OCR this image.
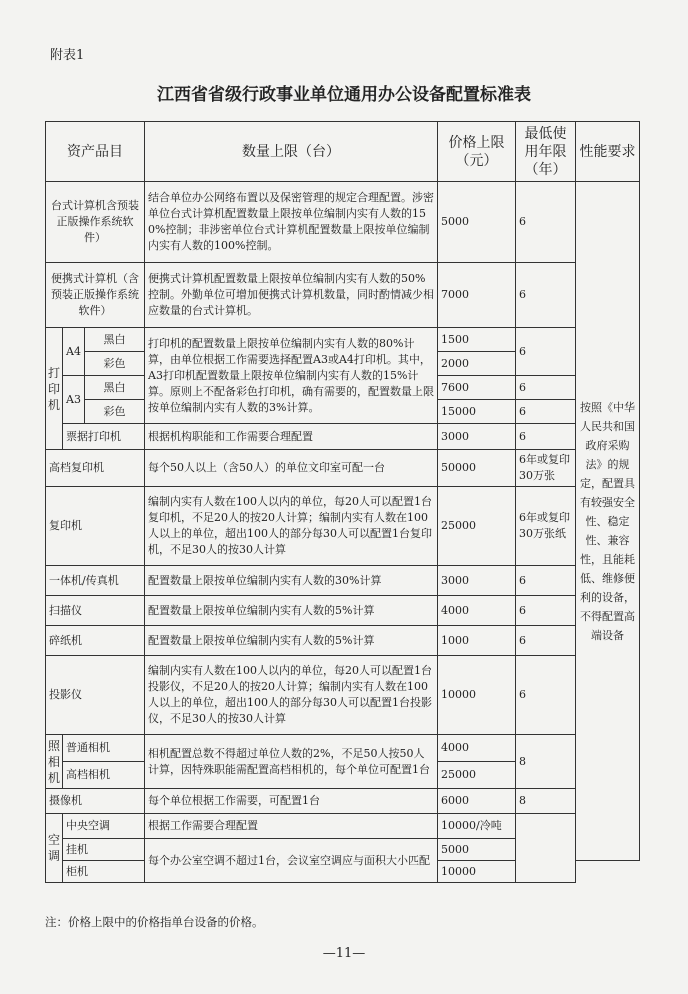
附表1
江西省省级行政事业单位通用办公设备配置标准表
资产品目			数量上限（台）	价格上限（元）	最低使用年限（年）	性能要求
台式计算机含预装正版操作系统软件）			结合单位办公网络布置以及保密管理的规定合理配置。涉密单位台式计算机配置数量上限按单位编制内实有人数的150%控制；非涉密单位台式计算机配置数量上限按单位编制内实有人数的100%控制。	5000	6	按照《中华人民共和国政府采购法》的规定，配置具有较强安全性、稳定性、兼容性，且能耗低、维修便利的设备，不得配置高端设备
便携式计算机（含预装正版操作系统软件）			便携式计算机配置数量上限按单位编制内实有人数的50%控制。外勤单位可增加便携式计算机数量，同时酌情减少相应数量的台式计算机。	7000	6	
打印机	A4	黑白	打印机的配置数量上限按单位编制内实有人数的80%计算，由单位根据工作需要选择配置A3或A4打印机。其中， A3打印机配置数量上限按单位编制内实有人数的15%计算。原则上不配备彩色打印机，确有需要的，配置数量上限按单位编制内实有人数的3%计算。	1500	6	
		彩色		2000		
	A3	黑白		7600	6	
		彩色		15000	6	
	票据打印机		根据机构职能和工作需要合理配置	3000	6	
高档复印机			每个50人以上（含50人）的单位文印室可配一台	50000	6年或复印30万张	
复印机			编制内实有人数在100人以内的单位，每20人可以配置1台复印机，不足20人的按20人计算；编制内实有人数在100人以上的单位，超出100人的部分每30人可以配置1台复印机，不足30人的按30人计算	25000	6年或复印30万张纸	
一体机/传真机			配置数量上限按单位编制内实有人数的30%计算	3000	6	
扫描仪			配置数量上限按单位编制内实有人数的5%计算	4000	6	
碎纸机			配置数量上限按单位编制内实有人数的5%计算	1000	6	
投影仪			编制内实有人数在100人以内的单位，每20人可以配置1台投影仪，不足20人的按20人计算；编制内实有人数在100人以上的单位，超出100人的部分每30人可以配置1台投影仪，不足30人的按30人计算	10000	6	
照相机	普通相机		相机配置总数不得超过单位人数的2%，不足50人按50人计算，因特殊职能需配置高档相机的，每个单位可配置1台	4000	8	
	高档相机			25000		
摄像机			每个单位根据工作需要，可配置1台	6000	8	
空调	中央空调		根据工作需要合理配置	10000/冷吨		
	挂机		每个办公室空调不超过1台，会议室空调应与面积大小匹配	5000		
	柜机			10000		
注：价格上限中的价格指单台设备的价格。
—11—
